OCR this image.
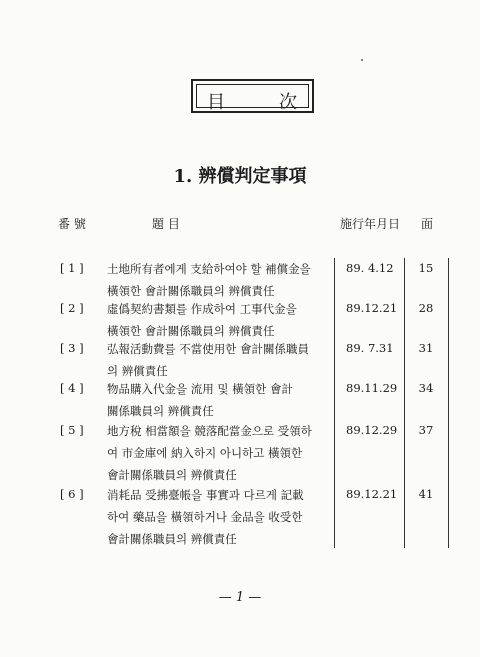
目	次
1. 辨償判定事項
番 號	題 目	施行年月日 面
[ 1 ] 土地所有者에게 支給하여야 할 補償金을
橫領한 會計關係職員의 辨償責任
89. 4.12 15
[ 2 ] 虛僞契約書類를 作成하여 工事代金을
橫領한 會計關係職員의 辨償責任
89.12.21 28
[ 3 ] 弘報活動費를 不當使用한 會計關係職員
의 辨償責任
89. 7.31 31
[ 4 ] 物品購入代金을 流用 및 橫領한 會計
關係職員의 辨償責任
89.11.29 34
[ 5 ] 地方稅 相當額을 競落配當金으로 受領하
여 市金庫에 納入하지 아니하고 橫領한
會計關係職員의 辨償責任
89.12.29 37
[ 6 ] 消耗品 受拂臺帳을 事實과 다르게 記載
하여 藥品을 橫領하거나 金品을 收受한
會計關係職員의 辨償責任
89.12.21 41
— 1 —
